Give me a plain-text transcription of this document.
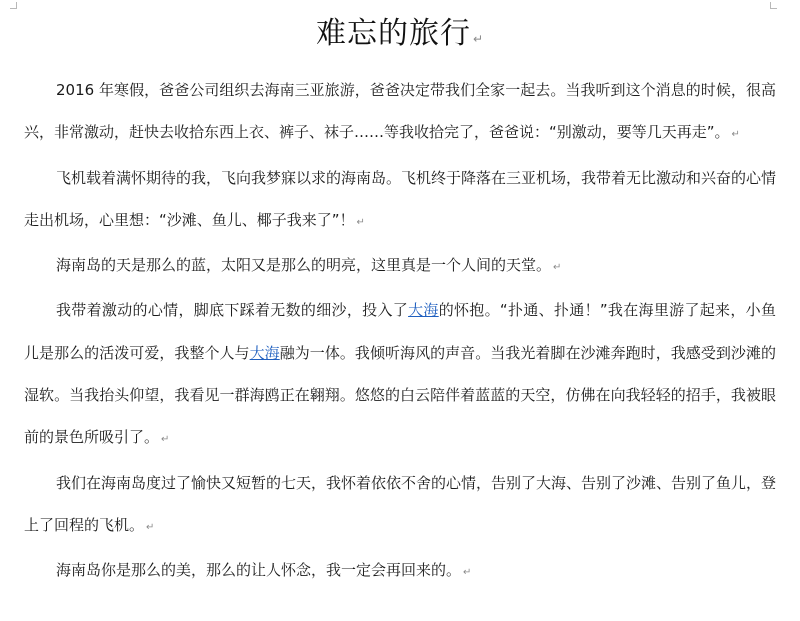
难忘的旅行 ↵

2016 年寒假，爸爸公司组织去海南三亚旅游，爸爸决定带我们全家一起去。当我听到这个消息的时候，很高兴，非常激动，赶快去收拾东西上衣、裤子、袜子……等我收拾完了，爸爸说：“别激动，要等几天再走”。 ↵

飞机载着满怀期待的我，飞向我梦寐以求的海南岛。飞机终于降落在三亚机场，我带着无比激动和兴奋的心情走出机场，心里想：“沙滩、鱼儿、椰子我来了”！ ↵

海南岛的天是那么的蓝，太阳又是那么的明亮，这里真是一个人间的天堂。 ↵

我带着激动的心情，脚底下踩着无数的细沙，投入了大海的怀抱。“扑通、扑通！”我在海里游了起来，小鱼儿是那么的活泼可爱，我整个人与大海融为一体。我倾听海风的声音。当我光着脚在沙滩奔跑时，我感受到沙滩的湿软。当我抬头仰望，我看见一群海鸥正在翱翔。悠悠的白云陪伴着蓝蓝的天空，仿佛在向我轻轻的招手，我被眼前的景色所吸引了。 ↵

我们在海南岛度过了愉快又短暂的七天，我怀着依依不舍的心情，告别了大海、告别了沙滩、告别了鱼儿，登上了回程的飞机。 ↵

海南岛你是那么的美，那么的让人怀念，我一定会再回来的。 ↵
